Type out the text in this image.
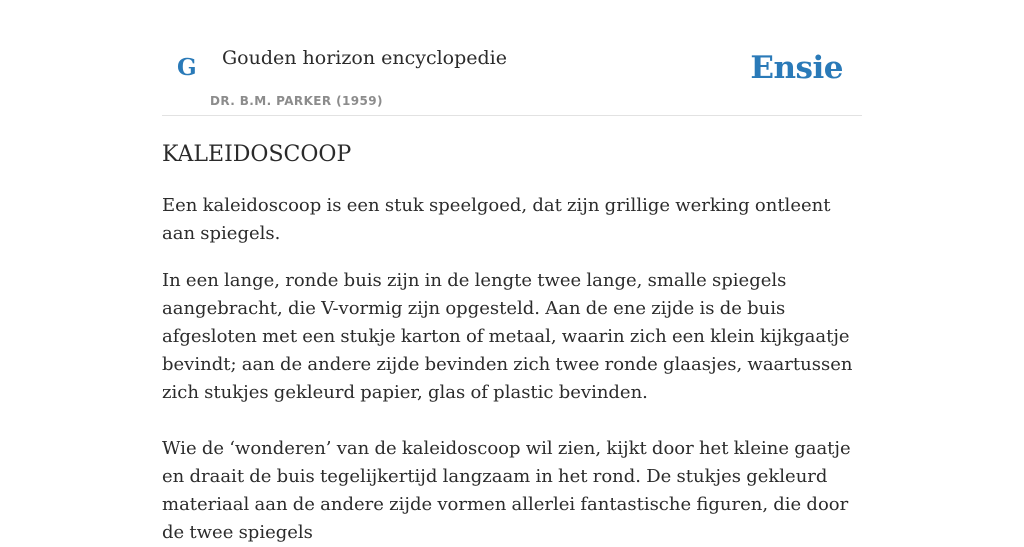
G Gouden horizon encyclopedie
DR. B.M. PARKER (1959)
Ensie
KALEIDOSCOOP

Een kaleidoscoop is een stuk speelgoed, dat zijn grillige werking ontleent aan spiegels.

In een lange, ronde buis zijn in de lengte twee lange, smalle spiegels aangebracht, die V-vormig zijn opgesteld. Aan de ene zijde is de buis afgesloten met een stukje karton of metaal, waarin zich een klein kijkgaatje bevindt; aan de andere zijde bevinden zich twee ronde glaasjes, waartussen zich stukjes gekleurd papier, glas of plastic bevinden.

Wie de ‘wonderen’ van de kaleidoscoop wil zien, kijkt door het kleine gaatje en draait de buis tegelijkertijd langzaam in het rond. De stukjes gekleurd materiaal aan de andere zijde vormen allerlei fantastische figuren, die door de twee spiegels
